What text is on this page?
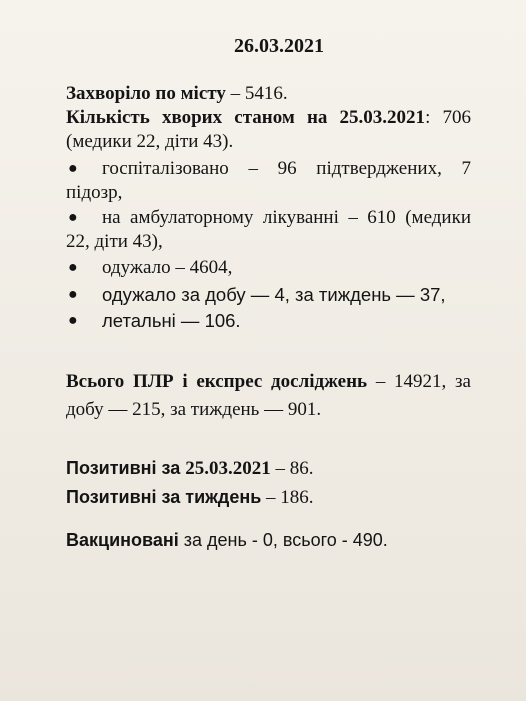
26.03.2021
Захворіло по місту – 5416.
Кількість хворих станом на 25.03.2021: 706
(медики 22, діти 43).
● госпіталізовано – 96 підтверджених, 7
підозр,
● на амбулаторному лікуванні – 610 (медики
22, діти 43),
● одужало – 4604,
● одужало за добу — 4, за тиждень — 37,
● летальні — 106.
Всього ПЛР і експрес досліджень – 14921, за
добу — 215, за тиждень — 901.
Позитивні за 25.03.2021 – 86.
Позитивні за тиждень – 186.
Вакциновані за день - 0, всього - 490.
